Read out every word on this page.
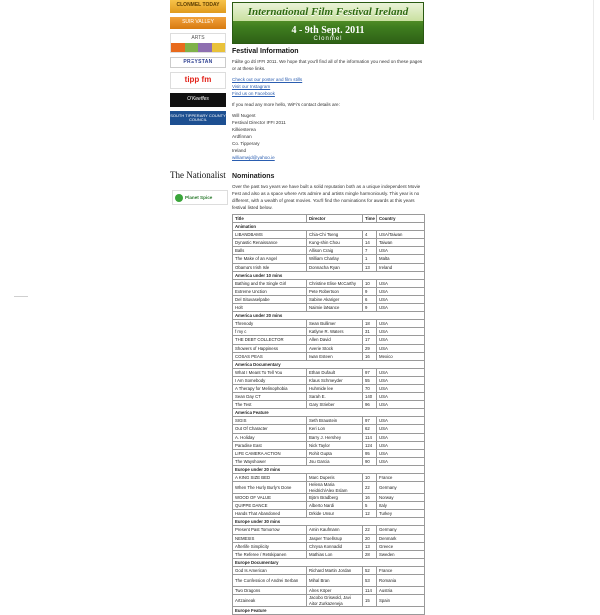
CLONMEL TODAY
SUIR VALLEY
ARTS
PRΞYSTAN
tipp fm
O'Keeffes
SOUTH TIPPERARY COUNTY COUNCIL
International Film Festival Ireland
4 - 9th Sept. 2011
Clonmel
Festival Information

Fáilte go dtí IFFI 2011. We hope that you'll find all of the information you need on these pages or at these links.

Check out our poster and film stills
Visit our Instagram
Find us on Facebook

If you read any more hello, WiFi's contact details are:

Will Nugent
Festival Director IFFI 2011
Kilkiesterea
Ardfinnan
Co. Tipperary
Ireland
williamwjd@yahoo.ie
The Nationalist
Planet Spice
Nominations
Over the past two years we have built a solid reputation both as a unique independent Movie Fest and also as a space where Arts admire and artists mingle harmoniously. This year is no different, with a wealth of great movies. You'll find the nominations for awards at this years festival listed below.
Title	Director	Time	Country
Animation			
LIBANDBAMS	Chia-Chi Tseng	4	USA/Taiwan
Dynastic Renaissance	Kung-shin Chou	14	Taiwan
Balls	Allison Craig	7	USA
The Make of an Angel	William Charlay	1	Malta
Obama's Irish Isle	Donnacha Ryan	13	Ireland
America under 10 mins			
Bathing and the Single Girl	Christine Elise McCarthy	10	USA
Extreme Unction	Pete Robertson	9	USA
Del Situvaselpabe	Sabine Akariger	6	USA
Holt	Naimie laNance	9	USA
America under 20 mins			
Threnody	Sean Bullimer	18	USA
f my c	Katlyne R. Waters	31	USA
THE DEBT COLLECTOR	Allen David	17	USA
Showers of Happiness	Averie Stock	29	USA
COSAS PEAS	Iwan Esteen	16	Mexico
America Documentary			
What I Meant To Tell You	Ethan Dufault	97	USA
I Am Somebody	Klaus Schmeyder	55	USA
A Therapy for Melinophobia	Huhmide lee	70	USA
Sean Day CT	Sarah E.	140	USA
The Test	Gary Strieber	96	USA
America Feature			
SIGIS	Seth Braustein	97	USA
Out Of Character	Keri Lon	62	USA
A. Holiday	Barry J. Hershey	114	USA
Paradise East	Nick Taylor	124	USA
LIFE CAMERA ACTION	Rohit Gupta	95	USA
The Wayshower	Jsu Garcia	90	USA
Europe under 20 mins			
A KING SIZE BED	Marc Duperis	10	France
When The Hurly Burly's Done	Helena Maria Heidrich/Alex Eslam	22	Germany
WOOD OF VALUE	Björn Bradberg	16	Norway
QUIPPE DANCE	Alberto Nardi	5	Italy
Hands That Abandoned	Drkide Unsur	12	Turkey
Europe under 30 mins			
Present Past Tomorrow	Amin Kaufmann	22	Germany
NEMESIS	Jasper Troellsrup	20	Denmark
Afterlife Simplicity	Chrysa Konnadid	13	Greece
The Referee / Retskipanen	Mathias Lon	28	Sweden
Europe Documentary			
God Is American	Richard Martin Jordan	52	France
The Confession of Andrei Serban	Mihal Bran	53	Romania
Two Dragons	Alres Köper	114	Austria
Artzaineak	Jacobo Griswold, Javi Aitor Zurkazeneja	15	Spain
Europe Feature			
